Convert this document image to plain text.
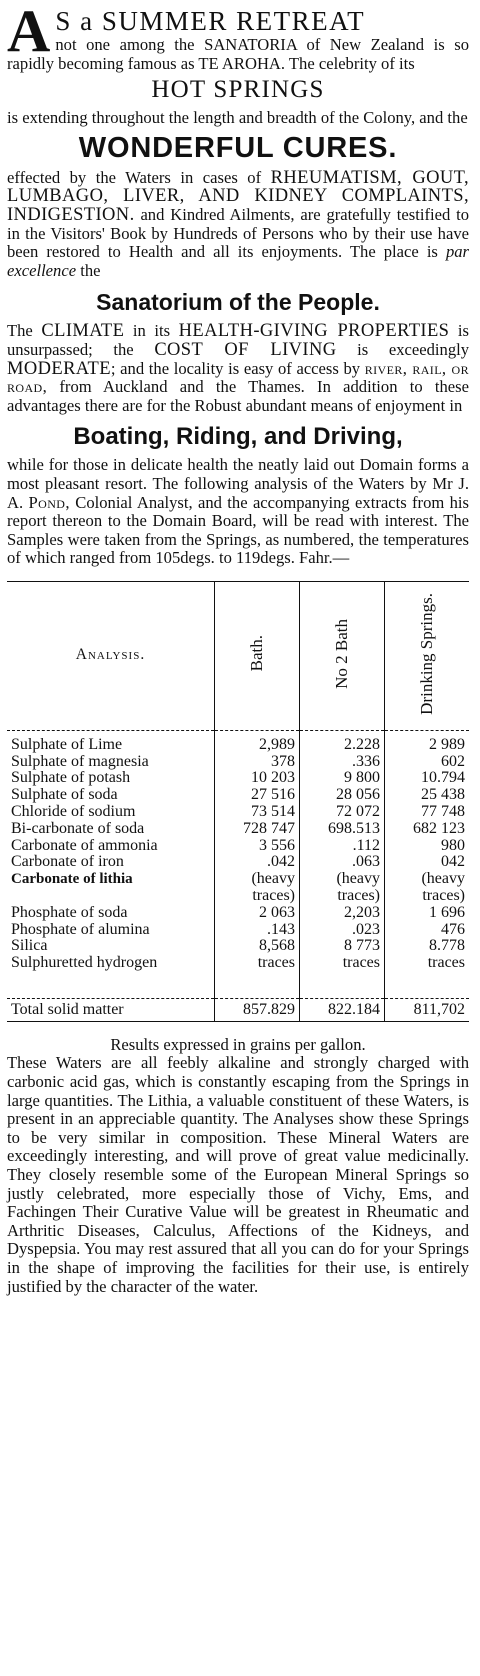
A S a SUMMER RETREAT

not one among the SANATORIA of New Zealand is so rapidly becoming famous as TE AROHA. The celebrity of its

HOT SPRINGS

is extending throughout the length and breadth of the Colony, and the

WONDERFUL CURES.

effected by the Waters in cases of RHEUMATISM, GOUT, LUMBAGO, LIVER, AND KIDNEY COMPLAINTS, INDIGESTION. and Kindred Ailments, are gratefully testified to in the Visitors' Book by Hundreds of Persons who by their use have been restored to Health and all its enjoyments. The place is par excellence the

Sanatorium of the People.

The CLIMATE in its HEALTH-GIVING PROPERTIES is unsurpassed; the COST OF LIVING is exceedingly MODERATE; and the locality is easy of access by river, rail, or road, from Auckland and the Thames. In addition to these advantages there are for the Robust abundant means of enjoyment in

Boating, Riding, and Driving,

while for those in delicate health the neatly laid out Domain forms a most pleasant resort. The following analysis of the Waters by Mr J. A. Pond, Colonial Analyst, and the accompanying extracts from his report thereon to the Domain Board, will be read with interest. The Samples were taken from the Springs, as numbered, the temperatures of which ranged from 105degs. to 119degs. Fahr.—

Analysis.	Bath.	No 2 Bath	Drinking Springs.
Sulphate of Lime	2,989	2.228	2 989
Sulphate of magnesia	378	.336	602
Sulphate of potash	10 203	9 800	10.794
Sulphate of soda	27 516	28 056	25 438
Chloride of sodium	73 514	72 072	77 748
Bi-carbonate of soda	728 747	698.513	682 123
Carbonate of ammonia	3 556	.112	980
Carbonate of iron	.042	.063	042
Carbonate of lithia	(heavy traces)	(heavy traces)	(heavy traces)
Phosphate of soda	2 063	2,203	1 696
Phosphate of alumina	.143	.023	476
Silica	8,568	8 773	8.778
Sulphuretted hydrogen	traces	traces	traces

Total solid matter	857.829	822.184	811,702

Results expressed in grains per gallon.

These Waters are all feebly alkaline and strongly charged with carbonic acid gas, which is constantly escaping from the Springs in large quantities. The Lithia, a valuable constituent of these Waters, is present in an appreciable quantity. The Analyses show these Springs to be very similar in composition. These Mineral Waters are exceedingly interesting, and will prove of great value medicinally. They closely resemble some of the European Mineral Springs so justly celebrated, more especially those of Vichy, Ems, and Fachingen Their Curative Value will be greatest in Rheumatic and Arthritic Diseases, Calculus, Affections of the Kidneys, and Dyspepsia. You may rest assured that all you can do for your Springs in the shape of improving the facilities for their use, is entirely justified by the character of the water.
